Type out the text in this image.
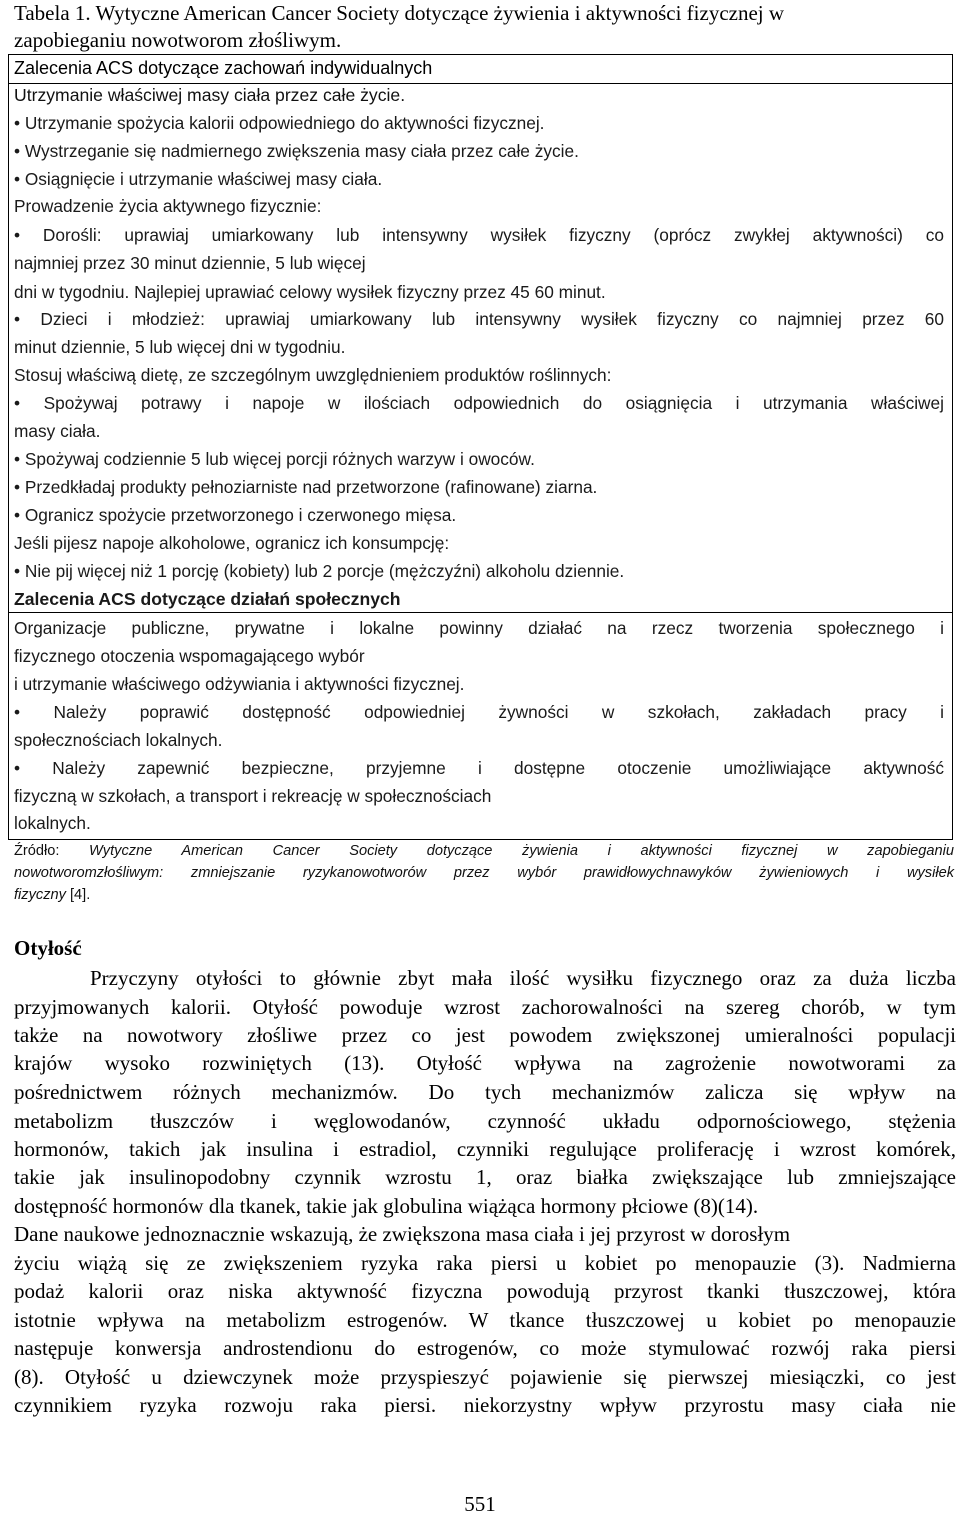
Tabela 1. Wytyczne American Cancer Society dotyczące żywienia i aktywności fizycznej w
zapobieganiu nowotworom złośliwym.
Zalecenia ACS dotyczące zachowań indywidualnych
Utrzymanie właściwej masy ciała przez całe życie.
• Utrzymanie spożycia kalorii odpowiedniego do aktywności fizycznej.
• Wystrzeganie się nadmiernego zwiększenia masy ciała przez całe życie.
• Osiągnięcie i utrzymanie właściwej masy ciała.
Prowadzenie życia aktywnego fizycznie:
• Dorośli: uprawiaj umiarkowany lub intensywny wysiłek fizyczny (oprócz zwykłej aktywności) co
najmniej przez 30 minut dziennie, 5 lub więcej
dni w tygodniu. Najlepiej uprawiać celowy wysiłek fizyczny przez 45 60 minut.
• Dzieci i młodzież: uprawiaj umiarkowany lub intensywny wysiłek fizyczny co najmniej przez 60
minut dziennie, 5 lub więcej dni w tygodniu.
Stosuj właściwą dietę, ze szczególnym uwzględnieniem produktów roślinnych:
• Spożywaj potrawy i napoje w ilościach odpowiednich do osiągnięcia i utrzymania właściwej
masy ciała.
• Spożywaj codziennie 5 lub więcej porcji różnych warzyw i owoców.
• Przedkładaj produkty pełnoziarniste nad przetworzone (rafinowane) ziarna.
• Ogranicz spożycie przetworzonego i czerwonego mięsa.
Jeśli pijesz napoje alkoholowe, ogranicz ich konsumpcję:
• Nie pij więcej niż 1 porcję (kobiety) lub 2 porcje (mężczyźni) alkoholu dziennie.
Zalecenia ACS dotyczące działań społecznych
Organizacje publiczne, prywatne i lokalne powinny działać na rzecz tworzenia społecznego i
fizycznego otoczenia wspomagającego wybór
i utrzymanie właściwego odżywiania i aktywności fizycznej.
• Należy poprawić dostępność odpowiedniej żywności w szkołach, zakładach pracy i
społecznościach lokalnych.
• Należy zapewnić bezpieczne, przyjemne i dostępne otoczenie umożliwiające aktywność
fizyczną w szkołach, a transport i rekreację w społecznościach
lokalnych.
Źródło: Wytyczne American Cancer Society dotyczące żywienia i aktywności fizycznej w zapobieganiu
nowotworomzłośliwym: zmniejszanie ryzykanowotworów przez wybór prawidłowychnawyków żywieniowych i wysiłek
fizyczny [4].
Otyłość
Przyczyny otyłości to głównie zbyt mała ilość wysiłku fizycznego oraz za duża liczba
przyjmowanych kalorii. Otyłość powoduje wzrost zachorowalności na szereg chorób, w tym
także na nowotwory złośliwe przez co jest powodem zwiększonej umieralności populacji
krajów wysoko rozwiniętych (13). Otyłość wpływa na zagrożenie nowotworami za
pośrednictwem różnych mechanizmów. Do tych mechanizmów zalicza się wpływ na
metabolizm tłuszczów i węglowodanów, czynność układu odpornościowego, stężenia
hormonów, takich jak insulina i estradiol, czynniki regulujące proliferację i wzrost komórek,
takie jak insulinopodobny czynnik wzrostu 1, oraz białka zwiększające lub zmniejszające
dostępność hormonów dla tkanek, takie jak globulina wiążąca hormony płciowe (8)(14).
Dane naukowe jednoznacznie wskazują, że zwiększona masa ciała i jej przyrost w dorosłym
życiu wiążą się ze zwiększeniem ryzyka raka piersi u kobiet po menopauzie (3). Nadmierna
podaż kalorii oraz niska aktywność fizyczna powodują przyrost tkanki tłuszczowej, która
istotnie wpływa na metabolizm estrogenów. W tkance tłuszczowej u kobiet po menopauzie
następuje konwersja androstendionu do estrogenów, co może stymulować rozwój raka piersi
(8). Otyłość u dziewczynek może przyspieszyć pojawienie się pierwszej miesiączki, co jest
czynnikiem ryzyka rozwoju raka piersi. niekorzystny wpływ przyrostu masy ciała nie
551
